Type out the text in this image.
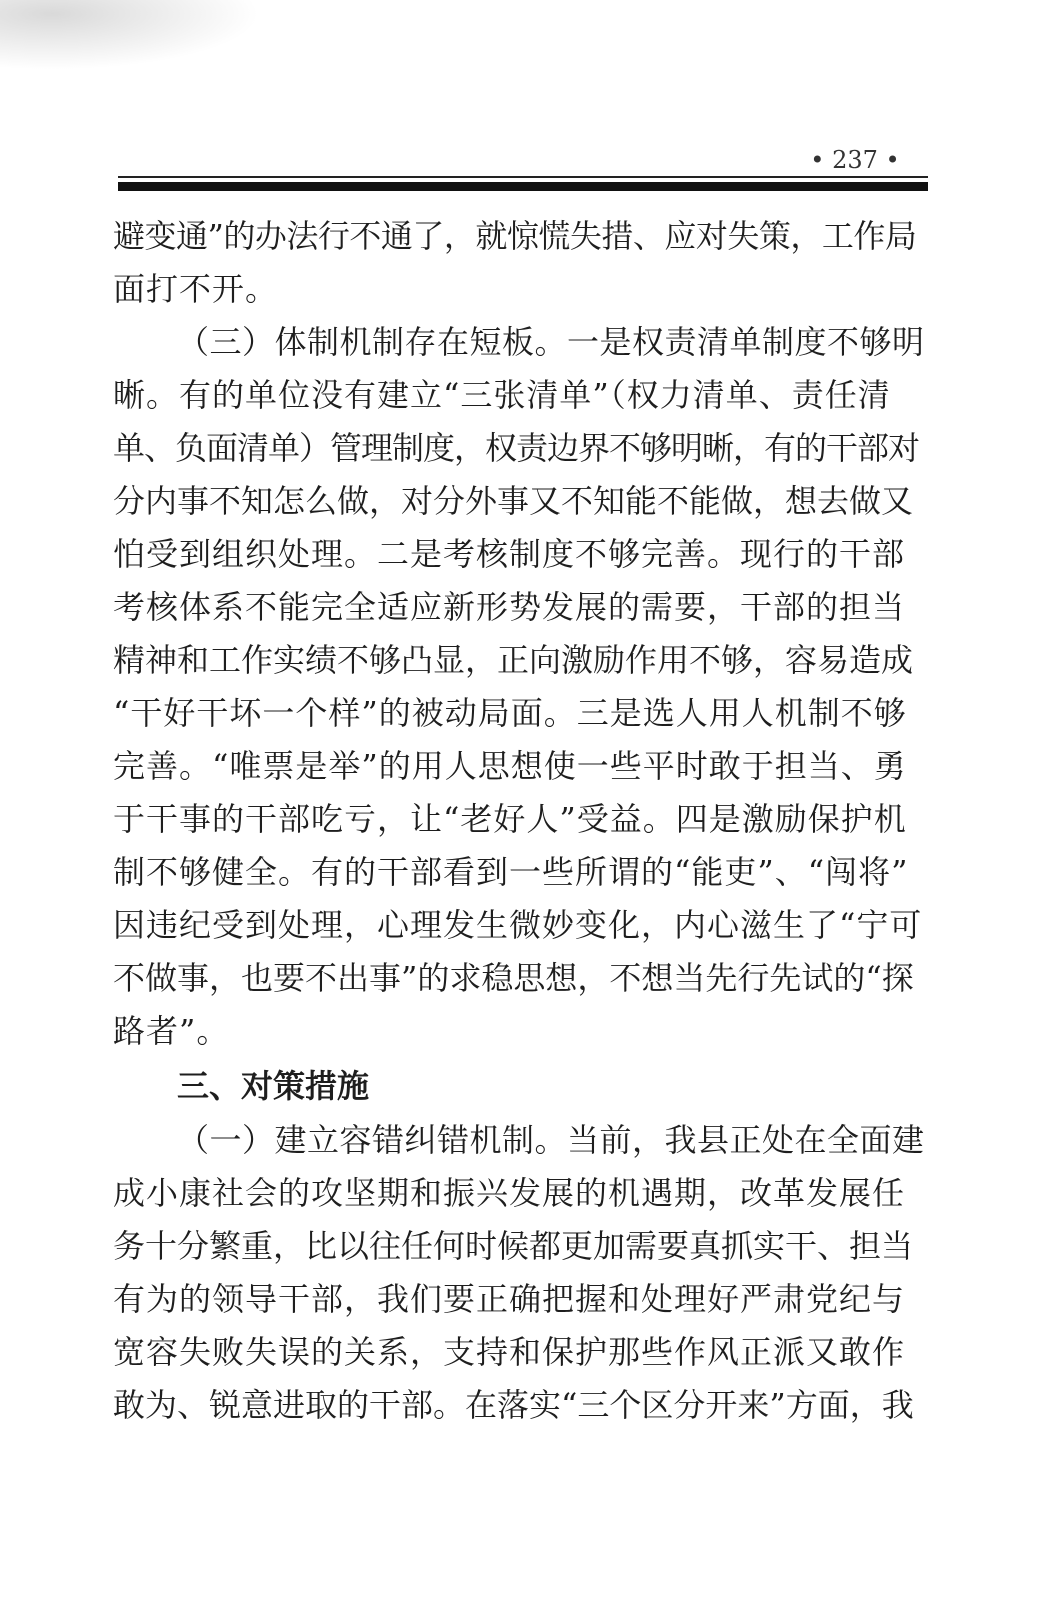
• 237 •
避变通”的办法行不通了，就惊慌失措、应对失策，工作局
面打不开。
（三）体制机制存在短板。一是权责清单制度不够明
晰。有的单位没有建立“三张清单”（权力清单、责任清
单、负面清单）管理制度，权责边界不够明晰，有的干部对
分内事不知怎么做，对分外事又不知能不能做，想去做又
怕受到组织处理。二是考核制度不够完善。现行的干部
考核体系不能完全适应新形势发展的需要，干部的担当
精神和工作实绩不够凸显，正向激励作用不够，容易造成
“干好干坏一个样”的被动局面。三是选人用人机制不够
完善。“唯票是举”的用人思想使一些平时敢于担当、勇
于干事的干部吃亏，让“老好人”受益。四是激励保护机
制不够健全。有的干部看到一些所谓的“能吏”、“闯将”
因违纪受到处理，心理发生微妙变化，内心滋生了“宁可
不做事，也要不出事”的求稳思想，不想当先行先试的“探
路者”。
三、对策措施
（一）建立容错纠错机制。当前，我县正处在全面建
成小康社会的攻坚期和振兴发展的机遇期，改革发展任
务十分繁重，比以往任何时候都更加需要真抓实干、担当
有为的领导干部，我们要正确把握和处理好严肃党纪与
宽容失败失误的关系，支持和保护那些作风正派又敢作
敢为、锐意进取的干部。在落实“三个区分开来”方面，我
